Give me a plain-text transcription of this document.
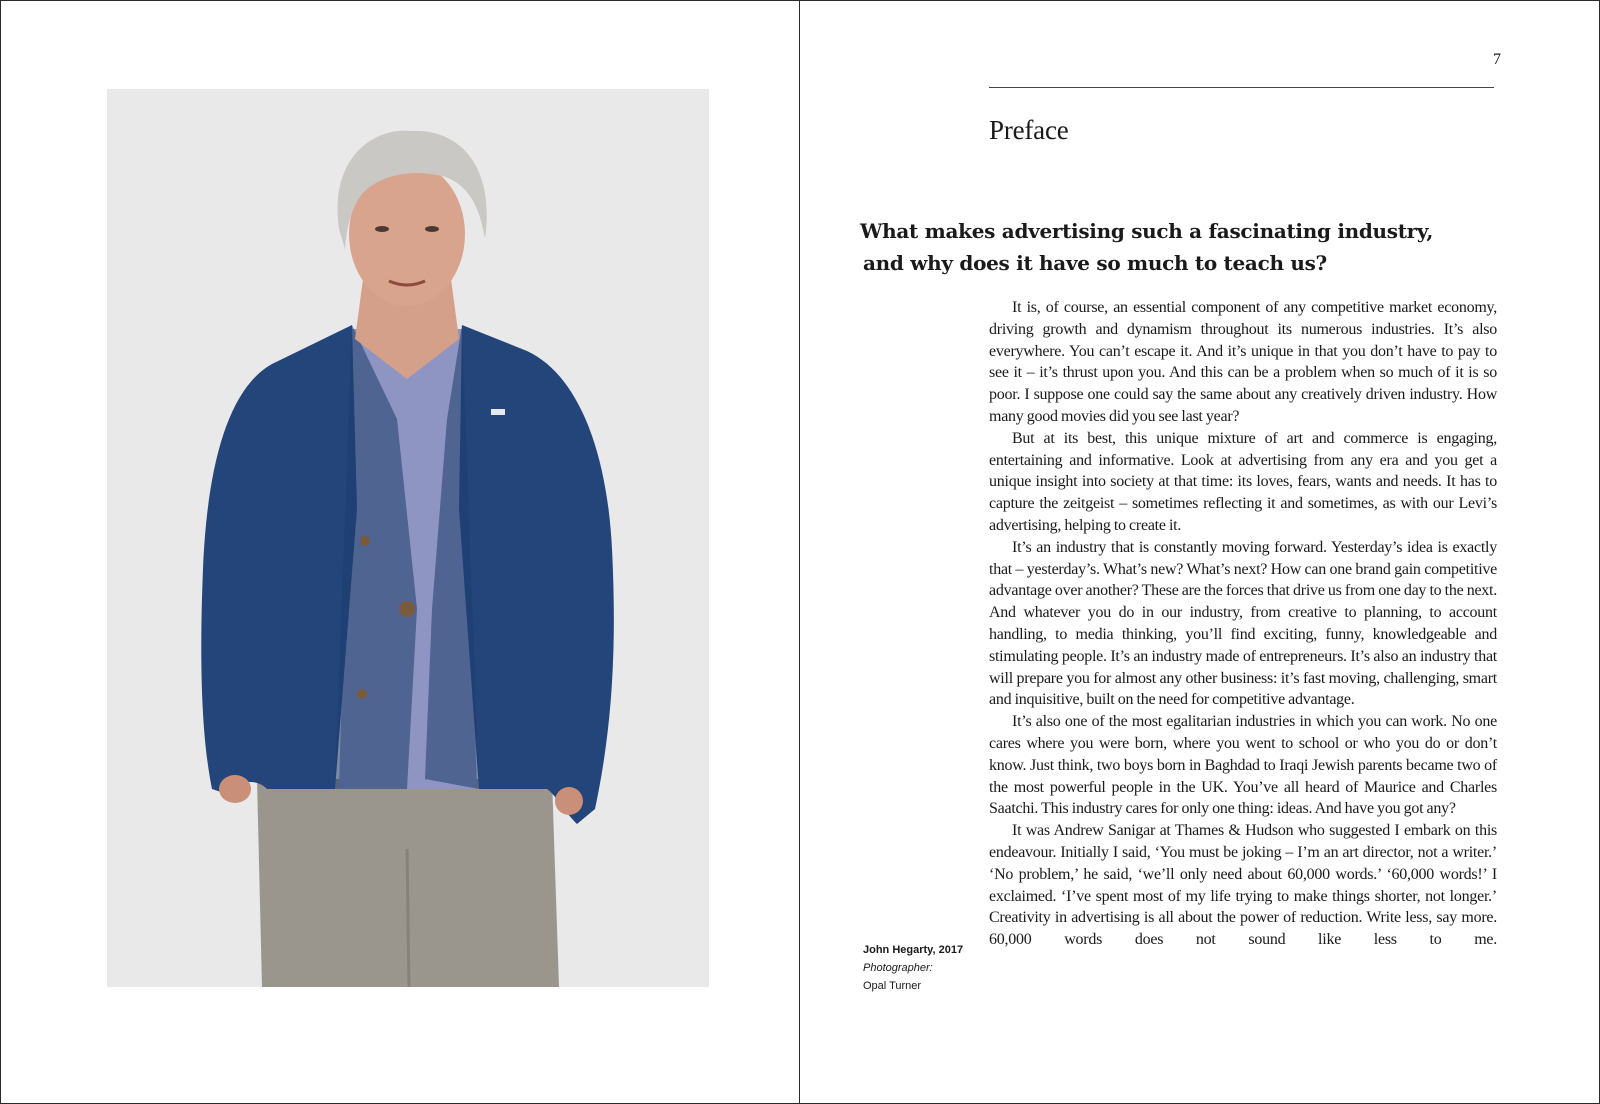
7
Preface
What makes advertising such a fascinating industry,
and why does it have so much to teach us?

It is, of course, an essential component of any competitive market economy, driving growth and dynamism throughout its numerous industries. It’s also everywhere. You can’t escape it. And it’s unique in that you don’t have to pay to see it – it’s thrust upon you. And this can be a problem when so much of it is so poor. I suppose one could say the same about any creatively driven industry. How many good movies did you see last year?

But at its best, this unique mixture of art and commerce is engaging, entertaining and informative. Look at advertising from any era and you get a unique insight into society at that time: its loves, fears, wants and needs. It has to capture the zeitgeist – sometimes reflecting it and sometimes, as with our Levi’s advertising, helping to create it.

It’s an industry that is constantly moving forward. Yesterday’s idea is exactly that – yesterday’s. What’s new? What’s next? How can one brand gain competitive advantage over another? These are the forces that drive us from one day to the next. And whatever you do in our industry, from creative to planning, to account handling, to media thinking, you’ll find exciting, funny, knowledgeable and stimulating people. It’s an industry made of entrepreneurs. It’s also an industry that will prepare you for almost any other business: it’s fast moving, challenging, smart and inquisitive, built on the need for competitive advantage.

It’s also one of the most egalitarian industries in which you can work. No one cares where you were born, where you went to school or who you do or don’t know. Just think, two boys born in Baghdad to Iraqi Jewish parents became two of the most powerful people in the UK. You’ve all heard of Maurice and Charles Saatchi. This industry cares for only one thing: ideas. And have you got any?

It was Andrew Sanigar at Thames & Hudson who suggested I embark on this endeavour. Initially I said, ‘You must be joking – I’m an art director, not a writer.’ ‘No problem,’ he said, ‘we’ll only need about 60,000 words.’ ‘60,000 words!’ I exclaimed. ‘I’ve spent most of my life trying to make things shorter, not longer.’ Creativity in advertising is all about the power of reduction. Write less, say more. 60,000 words does not sound like less to me.

John Hegarty, 2017
Photographer:
Opal Turner
